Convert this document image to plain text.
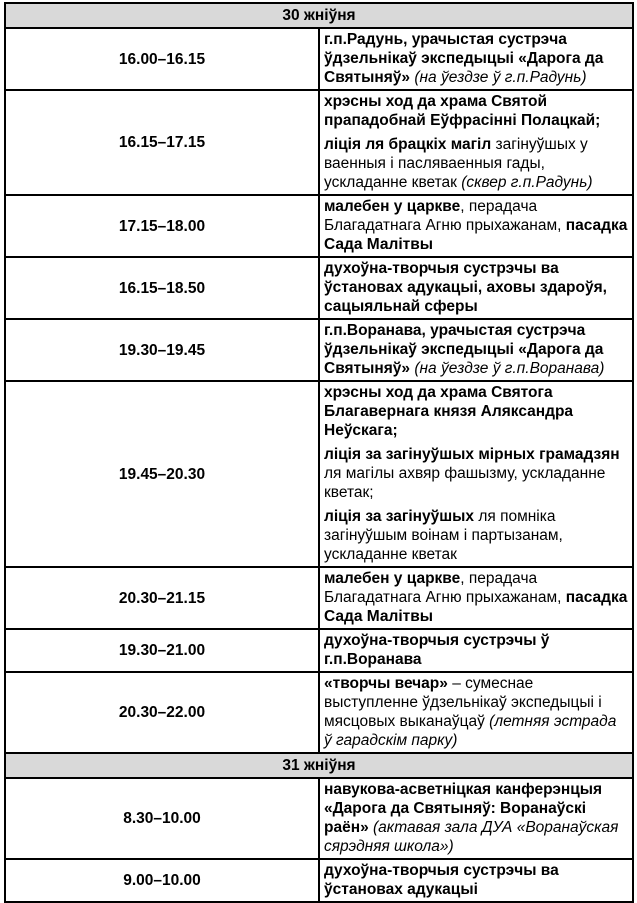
30 жніўня	
16.00–16.15	г.п.Радунь, урачыстая сустрэча ўдзельнікаў экспедыцыі «Дарога да Святыняў» (на ўездзе ў г.п.Радунь)

16.15–17.15	хрэсны ход да храма Святой прападобнай Еўфрасінні Полацкай;
ліція ля брацкіх магіл загінуўшых у ваенныя і пасляваенныя гады, ускладанне кветак (сквер г.п.Радунь)

17.15–18.00	малебен у царкве, перадача Благадатнага Агню прыхажанам, пасадка Сада Малітвы

16.15–18.50	духоўна-творчыя сустрэчы ва ўстановах адукацыі, аховы здароўя, сацыяльнай сферы

19.30–19.45	г.п.Воранава, урачыстая сустрэча ўдзельнікаў экспедыцыі «Дарога да Святыняў» (на ўездзе ў г.п.Воранава)

19.45–20.30	хрэсны ход да храма Святога Благавернага князя Аляксандра Неўскага;
ліція за загінуўшых мірных грамадзян ля магілы ахвяр фашызму, ускладанне кветак;
ліція за загінуўшых ля помніка загінуўшым воінам і партызанам, ускладанне кветак

20.30–21.15	малебен у царкве, перадача Благадатнага Агню прыхажанам, пасадка Сада Малітвы

19.30–21.00	духоўна-творчыя сустрэчы ў г.п.Воранава

20.30–22.00	«творчы вечар» – сумеснае выступленне ўдзельнікаў экспедыцыі і мясцовых выканаўцаў (летняя эстрада ў гарадскім парку)

31 жніўня	
8.30–10.00	навукова-асветніцкая канферэнцыя «Дарога да Святыняў: Воранаўскі раён» (актавая зала ДУА «Воранаўская сярэдняя школа»)

9.00–10.00	духоўна-творчыя сустрэчы ва ўстановах адукацыі
